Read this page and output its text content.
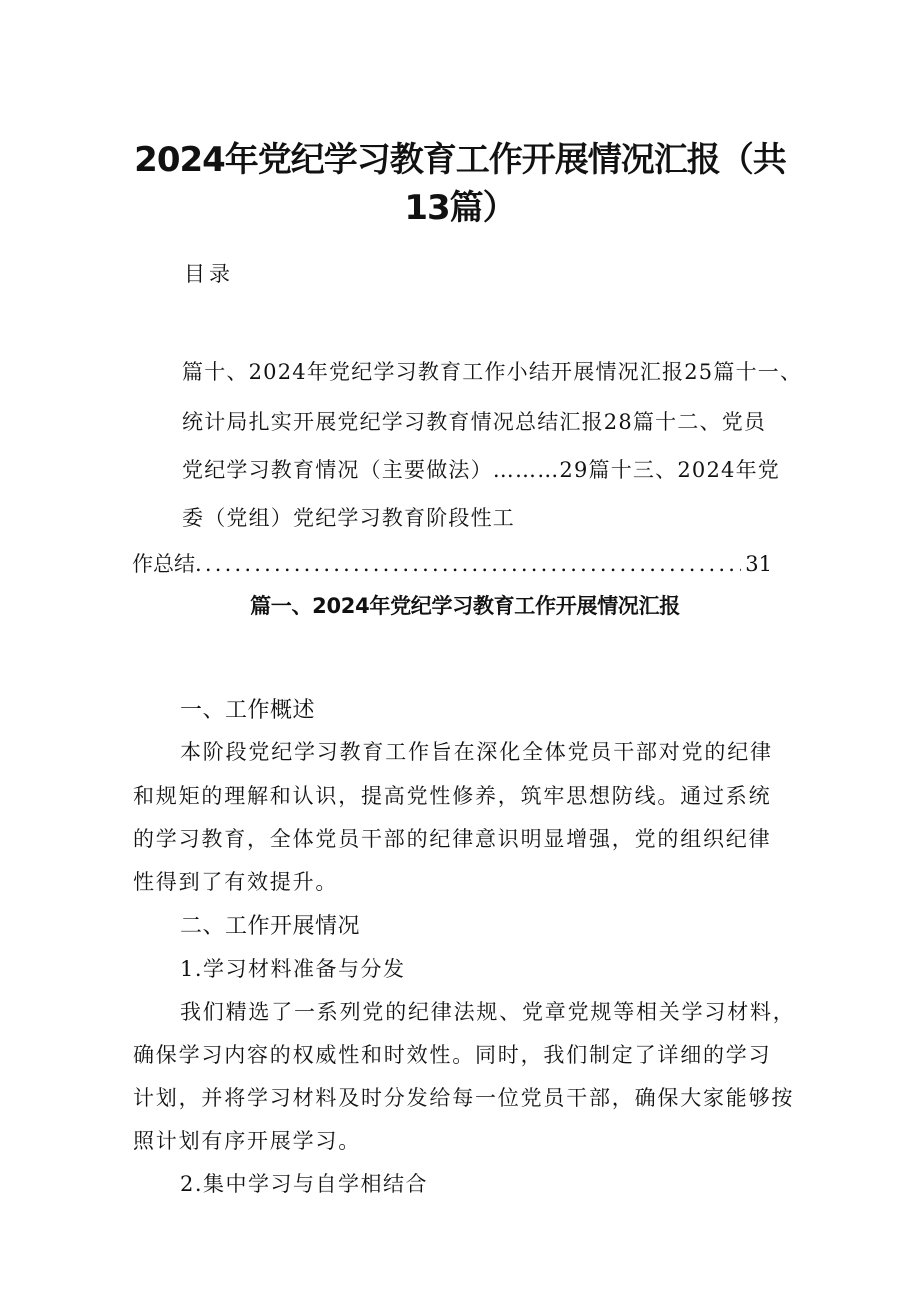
2024年党纪学习教育工作开展情况汇报（共
13篇）
目录
篇十、2024年党纪学习教育工作小结开展情况汇报25篇十一、
统计局扎实开展党纪学习教育情况总结汇报28篇十二、党员
党纪学习教育情况（主要做法）………29篇十三、2024年党
委（党组）党纪学习教育阶段性工
作总结
.....	31
篇一、2024年党纪学习教育工作开展情况汇报
一、工作概述
本阶段党纪学习教育工作旨在深化全体党员干部对党的纪律
和规矩的理解和认识，提高党性修养，筑牢思想防线。通过系统
的学习教育，全体党员干部的纪律意识明显增强，党的组织纪律
性得到了有效提升。
二、工作开展情况
1.学习材料准备与分发
我们精选了一系列党的纪律法规、党章党规等相关学习材料，
确保学习内容的权威性和时效性。同时，我们制定了详细的学习
计划，并将学习材料及时分发给每一位党员干部，确保大家能够按
照计划有序开展学习。
2.集中学习与自学相结合
